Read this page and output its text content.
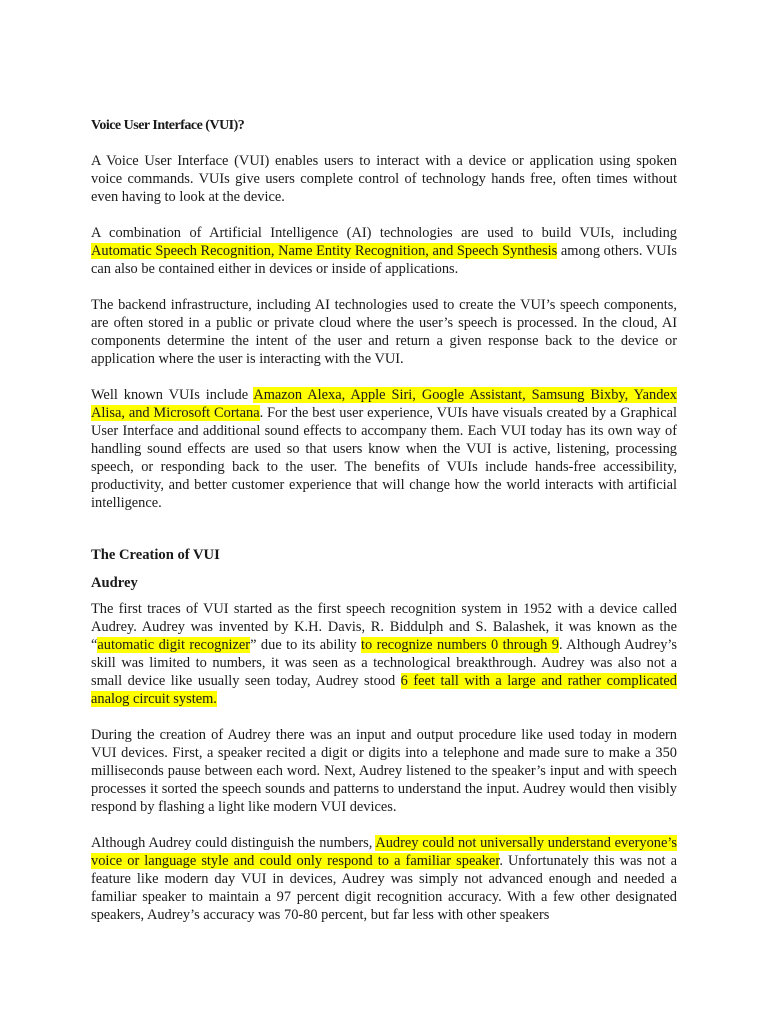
Voice User Interface (VUI)?

A Voice User Interface (VUI) enables users to interact with a device or application using spoken voice commands. VUIs give users complete control of technology hands free, often times without even having to look at the device.

A combination of Artificial Intelligence (AI) technologies are used to build VUIs, including Automatic Speech Recognition, Name Entity Recognition, and Speech Synthesis among others. VUIs can also be contained either in devices or inside of applications.

The backend infrastructure, including AI technologies used to create the VUI’s speech components, are often stored in a public or private cloud where the user’s speech is processed. In the cloud, AI components determine the intent of the user and return a given response back to the device or application where the user is interacting with the VUI.

Well known VUIs include Amazon Alexa, Apple Siri, Google Assistant, Samsung Bixby, Yandex Alisa, and Microsoft Cortana. For the best user experience, VUIs have visuals created by a Graphical User Interface and additional sound effects to accompany them. Each VUI today has its own way of handling sound effects are used so that users know when the VUI is active, listening, processing speech, or responding back to the user. The benefits of VUIs include hands-free accessibility, productivity, and better customer experience that will change how the world interacts with artificial intelligence.

The Creation of VUI
Audrey

The first traces of VUI started as the first speech recognition system in 1952 with a device called Audrey. Audrey was invented by K.H. Davis, R. Biddulph and S. Balashek, it was known as the “automatic digit recognizer” due to its ability to recognize numbers 0 through 9. Although Audrey’s skill was limited to numbers, it was seen as a technological breakthrough. Audrey was also not a small device like usually seen today, Audrey stood 6 feet tall with a large and rather complicated analog circuit system.

During the creation of Audrey there was an input and output procedure like used today in modern VUI devices. First, a speaker recited a digit or digits into a telephone and made sure to make a 350 milliseconds pause between each word. Next, Audrey listened to the speaker’s input and with speech processes it sorted the speech sounds and patterns to understand the input. Audrey would then visibly respond by flashing a light like modern VUI devices.

Although Audrey could distinguish the numbers, Audrey could not universally understand everyone’s voice or language style and could only respond to a familiar speaker. Unfortunately this was not a feature like modern day VUI in devices, Audrey was simply not advanced enough and needed a familiar speaker to maintain a 97 percent digit recognition accuracy. With a few other designated speakers, Audrey’s accuracy was 70-80 percent, but far less with other speakers
